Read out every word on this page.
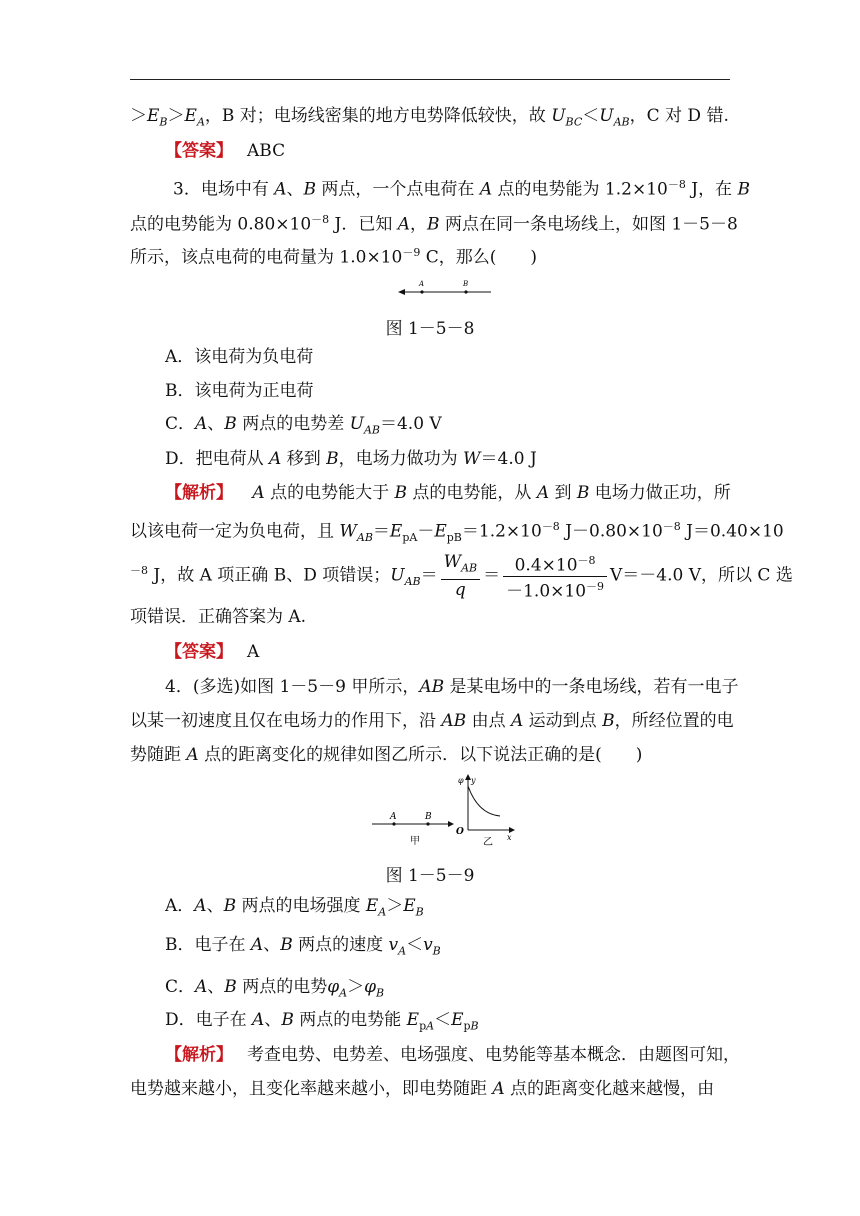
$>E_B>E_A$，B 对；电场线密集的地方电势降低较快，故 $U_{BC}<U_{AB}$，C 对 D 错.
【答案】 ABC
3．电场中有 A、B 两点，一个点电荷在 A 点的电势能为 $1.2\times 10^{-8}$ J，在 B
点的电势能为 $0.80\times 10^{-8}$ J．已知 A，B 两点在同一条电场线上，如图 1－5－8
所示，该点电荷的电荷量为 $1.0\times 10^{-9}$ C，那么(　　)
A	B
图 1－5－8
A．该电荷为负电荷
B．该电荷为正电荷
C．A、B 两点的电势差 $U_{AB}=4.0$ V
D．把电荷从 A 移到 B，电场力做功为 W＝4.0 J
【解析】 A 点的电势能大于 B 点的电势能，从 A 到 B 电场力做正功，所
以该电荷一定为负电荷，且 $W_{AB}=E_{pA}-E_{pB}=1.2\times 10^{-8}$ $J-0.80\times 10^{-8}$ J＝0.40×10
$^{-8}$ J，故 A 项正确 B、D 项错误；$U_{AB}= \frac{W_{AB}}{q} = \frac{0.4\times 10^{-8}}{-1.0\times 10^{-9}} V=-4.0$ V，所以 C 选
项错误．正确答案为 A.
【答案】 A
4．(多选)如图 1－5－9 甲所示，AB 是某电场中的一条电场线，若有一电子
以某一初速度且仅在电场力的作用下，沿 AB 由点 A 运动到点 B，所经位置的电
势随距 A 点的距离变化的规律如图乙所示．以下说法正确的是(　　)
A	B
甲
O
x
y
φ
乙
图 1－5－9
A．A、B 两点的电场强度 $E_A>E_B$
B．电子在 A、B 两点的速度 $v_A<v_B$
C．A、B 两点的电势$\varphi_A>\varphi_B$
D．电子在 A、B 两点的电势能 $E_{pA}<E_{pB}$
【解析】 考查电势、电势差、电场强度、电势能等基本概念．由题图可知，
电势越来越小，且变化率越来越小，即电势随距 A 点的距离变化越来越慢，由
